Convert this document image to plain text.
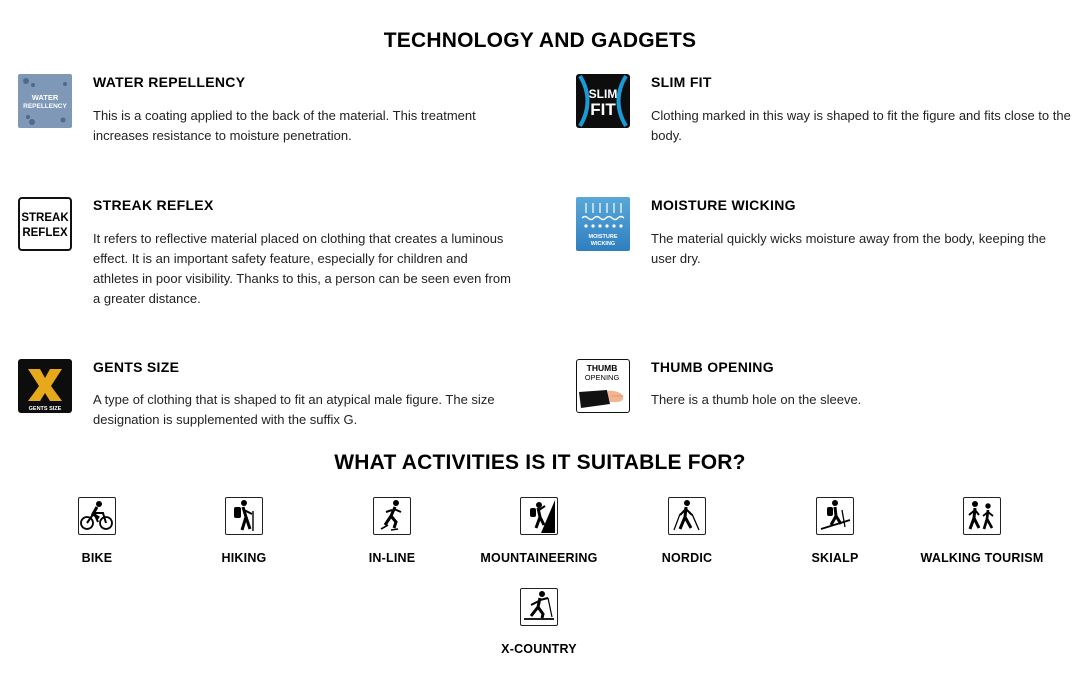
TECHNOLOGY AND GADGETS
WATER
REPELLENCY
WATER REPELLENCY
This is a coating applied to the back of the material. This treatment increases resistance to moisture penetration.
SLIM
FIT
SLIM FIT
Clothing marked in this way is shaped to fit the figure and fits close to the body.
STREAK
REFLEX
STREAK REFLEX
It refers to reflective material placed on clothing that creates a luminous effect. It is an important safety feature, especially for children and athletes in poor visibility. Thanks to this, a person can be seen even from a greater distance.
MOISTURE
WICKING
MOISTURE WICKING
The material quickly wicks moisture away from the body, keeping the user dry.
GENTS SIZE
GENTS SIZE
A type of clothing that is shaped to fit an atypical male figure. The size designation is supplemented with the suffix G.
THUMB
OPENING
THUMB OPENING
There is a thumb hole on the sleeve.
WHAT ACTIVITIES IS IT SUITABLE FOR?
BIKE	HIKING	IN-LINE	MOUNTAINEERING	NORDIC	SKIALP	WALKING TOURISM
X-COUNTRY
